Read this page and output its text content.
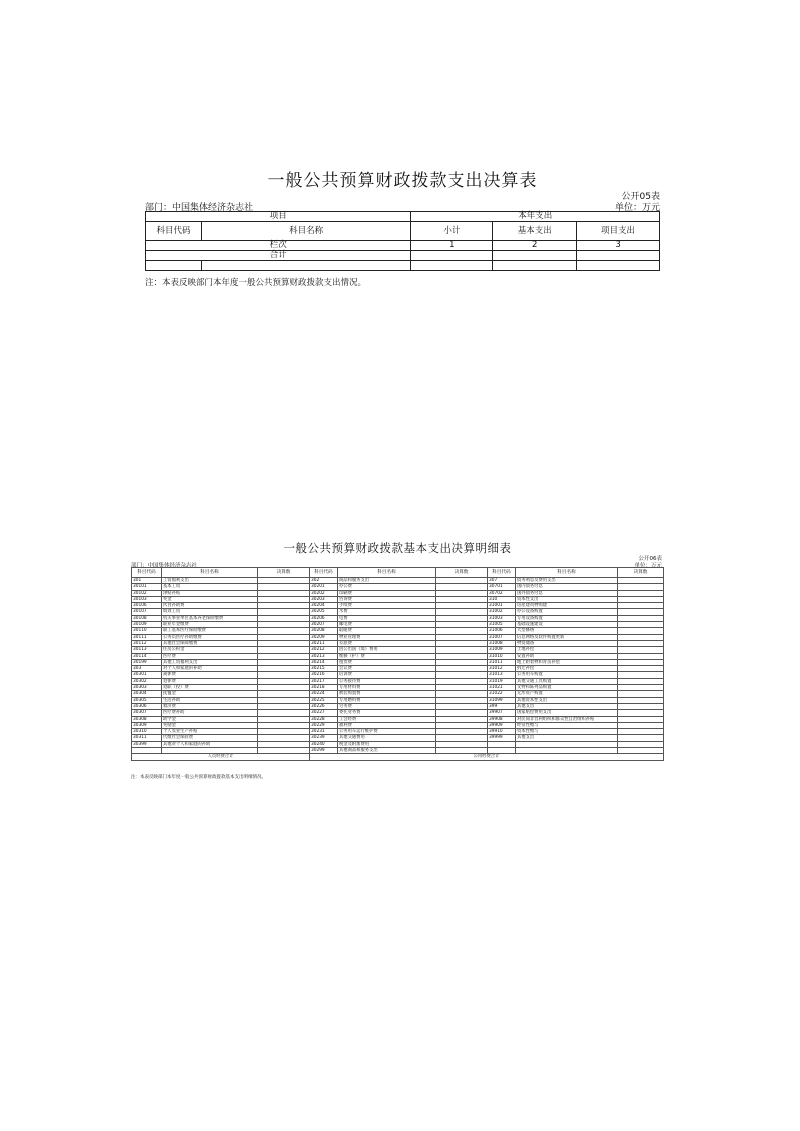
一般公共预算财政拨款支出决算表
公开05表
部门：中国集体经济杂志社	单位：万元
项目		本年支出		
科目代码	科目名称	小计	基本支出	项目支出
栏次		1	2	3
合计				

注：本表反映部门本年度一般公共预算财政拨款支出情况。
一般公共预算财政拨款基本支出决算明细表
公开06表
部门：中国集体经济杂志社	单位：万元
科目代码	科目名称	决算数	科目代码	科目名称	决算数	科目代码	科目名称	决算数
301	工资福利支出		302	商品和服务支出		307	债务利息及费用支出	
30101	基本工资		30201	办公费		30701	国内债务付息	
30102	津贴补贴		30202	印刷费		30702	国外债务付息	
30103	奖金		30203	咨询费		310	资本性支出	
30106	伙食补助费		30204	手续费		31001	房屋建筑物购建	
30107	绩效工资		30205	水费		31002	办公设备购置	
30108	机关事业单位基本养老保险缴费		30206	电费		31003	专用设备购置	
30109	职业年金缴费		30207	邮电费		31005	基础设施建设	
30110	职工基本医疗保险缴费		30208	取暖费		31006	大型修缮	
30111	公务员医疗补助缴费		30209	物业管理费		31007	信息网络及软件购置更新	
30112	其他社会保障缴费		30211	差旅费		31008	物资储备	
30113	住房公积金		30212	因公出国（境）费用		31009	土地补偿	
30114	医疗费		30213	维修（护）费		31010	安置补助	
30199	其他工资福利支出		30214	租赁费		31011	地上附着物和青苗补偿	
303	对个人和家庭的补助		30215	会议费		31012	拆迁补偿	
30301	离休费		30216	培训费		31013	公务用车购置	
30302	退休费		30217	公务接待费		31019	其他交通工具购置	
30303	退职（役）费		30218	专用材料费		31021	文物和陈列品购置	
30304	抚恤金		30224	被装购置费		31022	无形资产购置	
30305	生活补助		30225	专用燃料费		31099	其他资本性支出	
30306	救济费		30226	劳务费		399	其他支出	
30307	医疗费补助		30227	委托业务费		39907	国家赔偿费用支出	
30308	助学金		30228	工会经费		39908	对民间非营利组织和群众性自治组织补贴	
30309	奖励金		30229	福利费		39909	经常性赠与	
30310	个人农业生产补贴		30231	公务用车运行维护费		39910	资本性赠与	
30311	代缴社会保险费		30239	其他交通费用		39999	其他支出	
30399	其他对个人和家庭的补助		30240	税金及附加费用				
			30299	其他商品和服务支出				
人员经费合计			公用经费合计					
注：本表反映部门本年度一般公共预算财政拨款基本支出明细情况。
